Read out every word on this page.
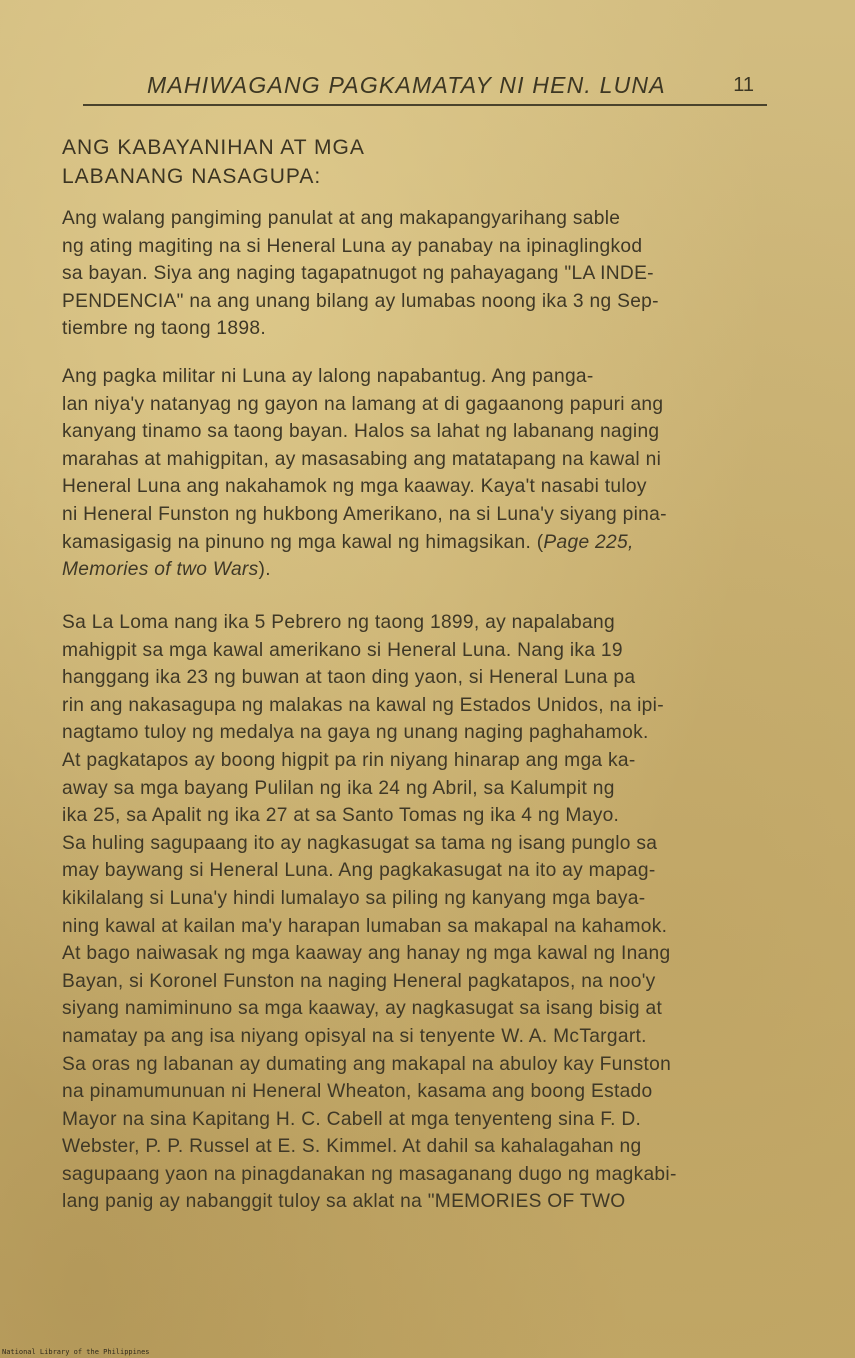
MAHIWAGANG PAGKAMATAY NI HEN. LUNA	11
ANG KABAYANIHAN AT MGA
LABANANG NASAGUPA:

Ang walang pangiming panulat at ang makapangyarihang sable
ng ating magiting na si Heneral Luna ay panabay na ipinaglingkod
sa bayan. Siya ang naging tagapatnugot ng pahayagang "LA INDE-
PENDENCIA" na ang unang bilang ay lumabas noong ika 3 ng Sep-
tiembre ng taong 1898.

Ang pagka militar ni Luna ay lalong napabantug. Ang panga-
lan niya'y natanyag ng gayon na lamang at di gagaanong papuri ang
kanyang tinamo sa taong bayan. Halos sa lahat ng labanang naging
marahas at mahigpitan, ay masasabing ang matatapang na kawal ni
Heneral Luna ang nakahamok ng mga kaaway. Kaya't nasabi tuloy
ni Heneral Funston ng hukbong Amerikano, na si Luna'y siyang pina-
kamasigasig na pinuno ng mga kawal ng himagsikan. (Page 225,
Memories of two Wars).

Sa La Loma nang ika 5 Pebrero ng taong 1899, ay napalabang
mahigpit sa mga kawal amerikano si Heneral Luna. Nang ika 19
hanggang ika 23 ng buwan at taon ding yaon, si Heneral Luna pa
rin ang nakasagupa ng malakas na kawal ng Estados Unidos, na ipi-
nagtamo tuloy ng medalya na gaya ng unang naging paghahamok.
At pagkatapos ay boong higpit pa rin niyang hinarap ang mga ka-
away sa mga bayang Pulilan ng ika 24 ng Abril, sa Kalumpit ng
ika 25, sa Apalit ng ika 27 at sa Santo Tomas ng ika 4 ng Mayo.
Sa huling sagupaang ito ay nagkasugat sa tama ng isang punglo sa
may baywang si Heneral Luna. Ang pagkakasugat na ito ay mapag-
kikilalang si Luna'y hindi lumalayo sa piling ng kanyang mga baya-
ning kawal at kailan ma'y harapan lumaban sa makapal na kahamok.
At bago naiwasak ng mga kaaway ang hanay ng mga kawal ng Inang
Bayan, si Koronel Funston na naging Heneral pagkatapos, na noo'y
siyang namiminuno sa mga kaaway, ay nagkasugat sa isang bisig at
namatay pa ang isa niyang opisyal na si tenyente W. A. McTargart.
Sa oras ng labanan ay dumating ang makapal na abuloy kay Funston
na pinamumunuan ni Heneral Wheaton, kasama ang boong Estado
Mayor na sina Kapitang H. C. Cabell at mga tenyenteng sina F. D.
Webster, P. P. Russel at E. S. Kimmel. At dahil sa kahalagahan ng
sagupaang yaon na pinagdanakan ng masaganang dugo ng magkabi-
lang panig ay nabanggit tuloy sa aklat na "MEMORIES OF TWO

National Library of the Philippines
